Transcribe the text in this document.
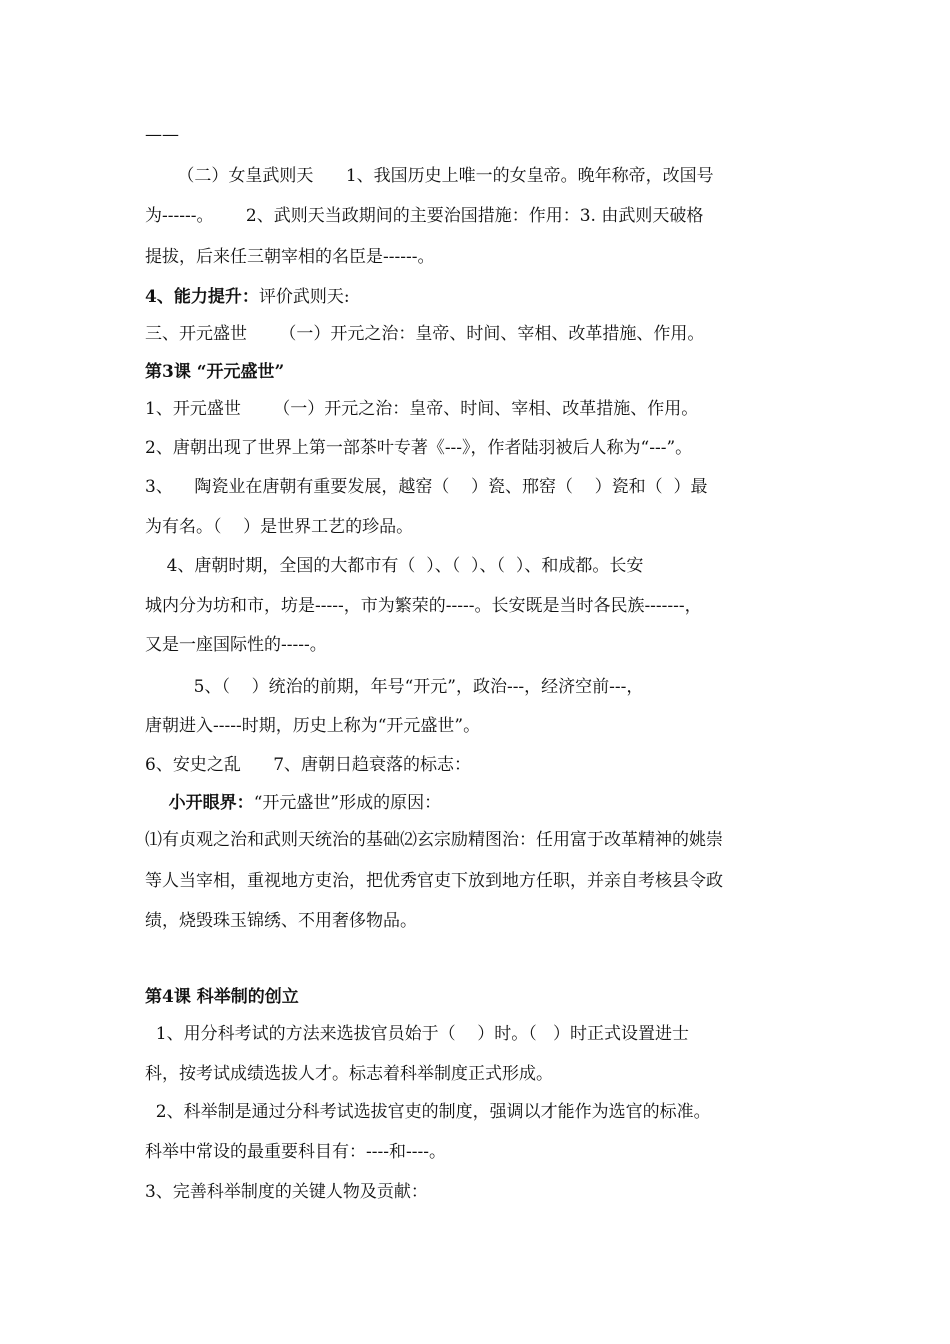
——
（二）女皇武则天      1、我国历史上唯一的女皇帝。晚年称帝，改国号
为------。      2、武则天当政期间的主要治国措施：作用：3. 由武则天破格
提拔，后来任三朝宰相的名臣是------。
4、能力提升：评价武则天:
三、开元盛世      （一）开元之治：皇帝、时间、宰相、改革措施、作用。
第3课 “开元盛世”
1、开元盛世      （一）开元之治：皇帝、时间、宰相、改革措施、作用。
2、唐朝出现了世界上第一部茶叶专著《---》，作者陆羽被后人称为“---”。
3、    陶瓷业在唐朝有重要发展，越窑（    ）瓷、邢窑（    ）瓷和（  ）最
为有名。（    ）是世界工艺的珍品。
4、唐朝时期，全国的大都市有（  ）、（  ）、（  ）、和成都。长安
城内分为坊和市，坊是-----，市为繁荣的-----。长安既是当时各民族-------，
又是一座国际性的-----。
5、（    ）统治的前期，年号“开元”，政治---，经济空前---，
唐朝进入-----时期，历史上称为“开元盛世”。
6、安史之乱      7、唐朝日趋衰落的标志：
小开眼界：“开元盛世”形成的原因：
⑴有贞观之治和武则天统治的基础⑵玄宗励精图治：任用富于改革精神的姚崇
等人当宰相，重视地方吏治，把优秀官吏下放到地方任职，并亲自考核县令政
绩，烧毁珠玉锦绣、不用奢侈物品。
第4课 科举制的创立
1、用分科考试的方法来选拔官员始于（    ）时。（   ）时正式设置进士
科，按考试成绩选拔人才。标志着科举制度正式形成。
2、科举制是通过分科考试选拔官吏的制度，强调以才能作为选官的标准。
科举中常设的最重要科目有：----和----。
3、完善科举制度的关键人物及贡献：
